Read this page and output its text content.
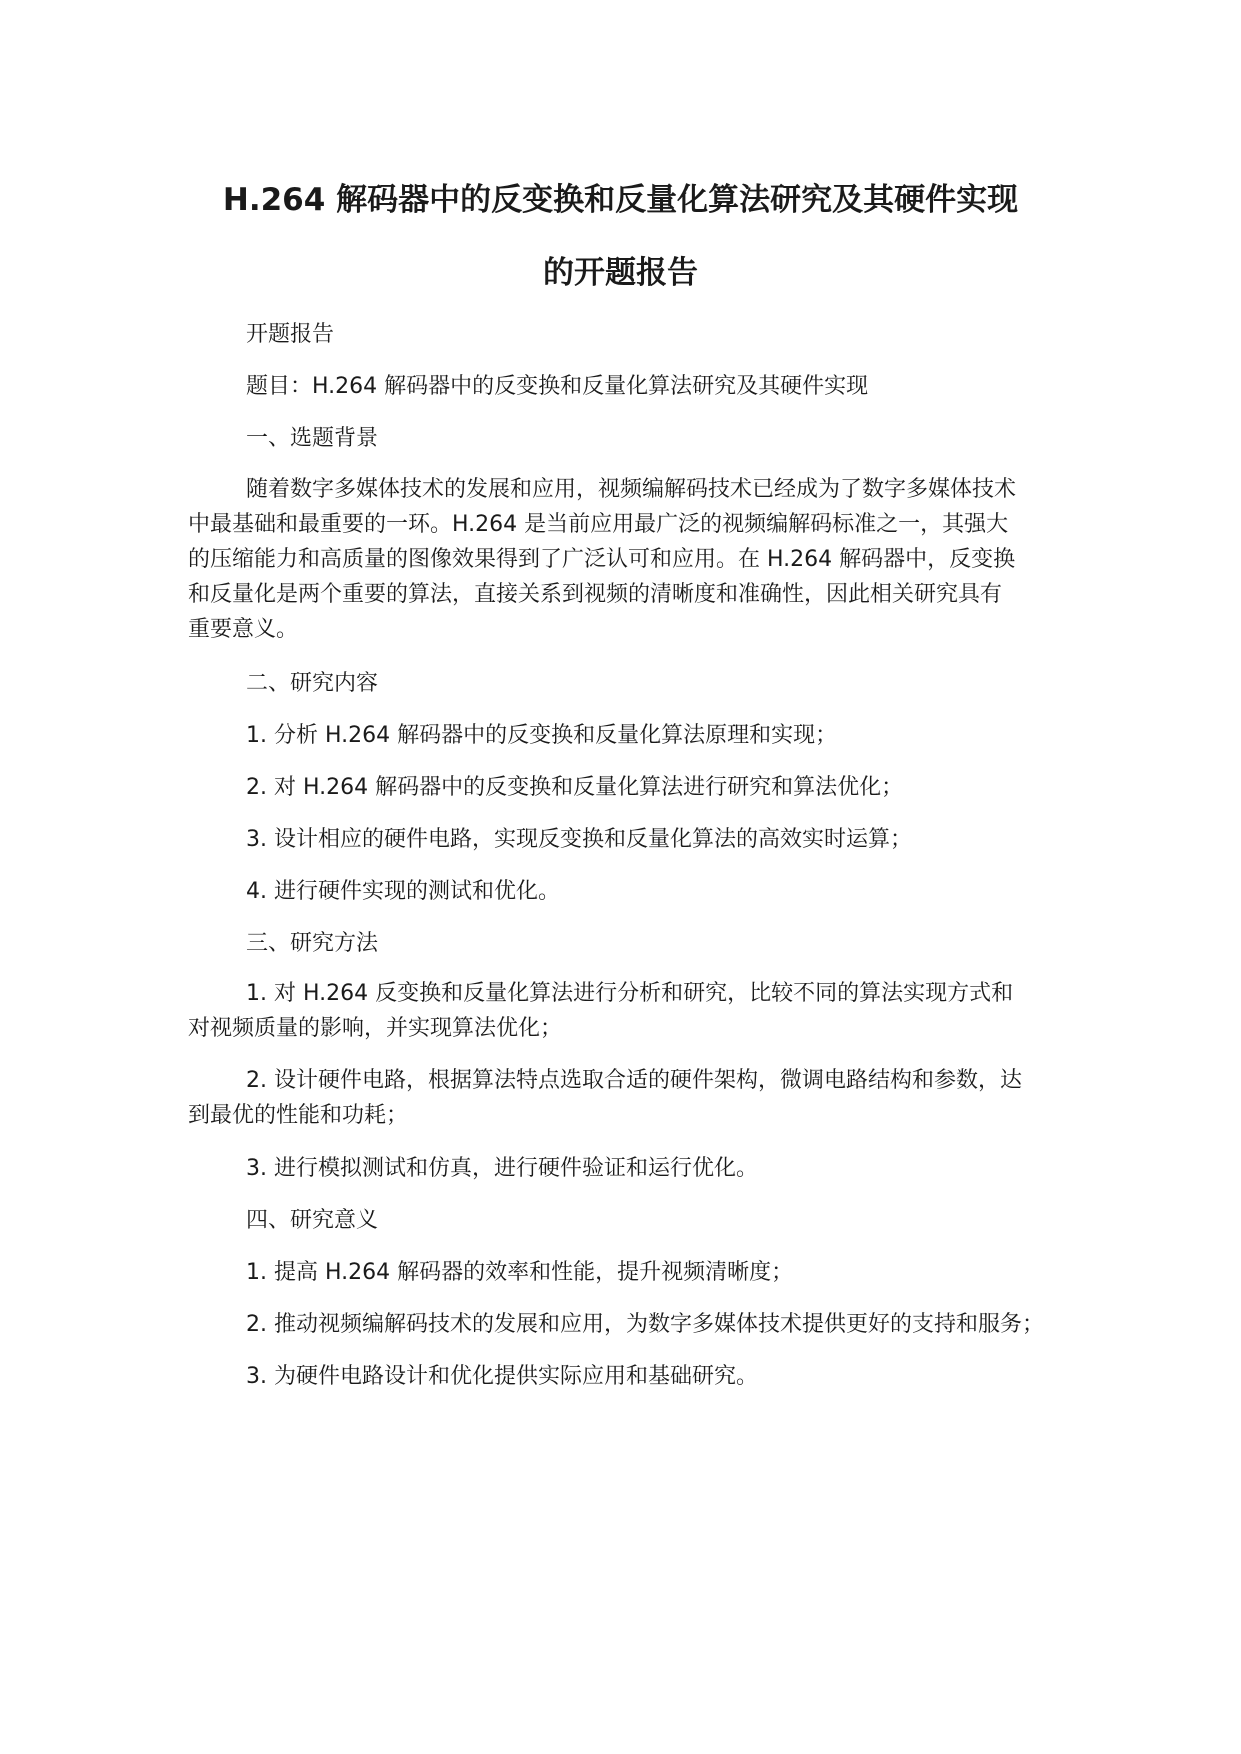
H.264 解码器中的反变换和反量化算法研究及其硬件实现
的开题报告

开题报告

题目：H.264 解码器中的反变换和反量化算法研究及其硬件实现

一、选题背景

随着数字多媒体技术的发展和应用，视频编解码技术已经成为了数字多媒体技术
中最基础和最重要的一环。H.264 是当前应用最广泛的视频编解码标准之一，其强大
的压缩能力和高质量的图像效果得到了广泛认可和应用。在 H.264 解码器中，反变换
和反量化是两个重要的算法，直接关系到视频的清晰度和准确性，因此相关研究具有
重要意义。

二、研究内容

1. 分析 H.264 解码器中的反变换和反量化算法原理和实现；

2. 对 H.264 解码器中的反变换和反量化算法进行研究和算法优化；

3. 设计相应的硬件电路，实现反变换和反量化算法的高效实时运算；

4. 进行硬件实现的测试和优化。

三、研究方法

1. 对 H.264 反变换和反量化算法进行分析和研究，比较不同的算法实现方式和
对视频质量的影响，并实现算法优化；
2. 设计硬件电路，根据算法特点选取合适的硬件架构，微调电路结构和参数，达
到最优的性能和功耗；

3. 进行模拟测试和仿真，进行硬件验证和运行优化。

四、研究意义

1. 提高 H.264 解码器的效率和性能，提升视频清晰度；

2. 推动视频编解码技术的发展和应用，为数字多媒体技术提供更好的支持和服务；

3. 为硬件电路设计和优化提供实际应用和基础研究。
